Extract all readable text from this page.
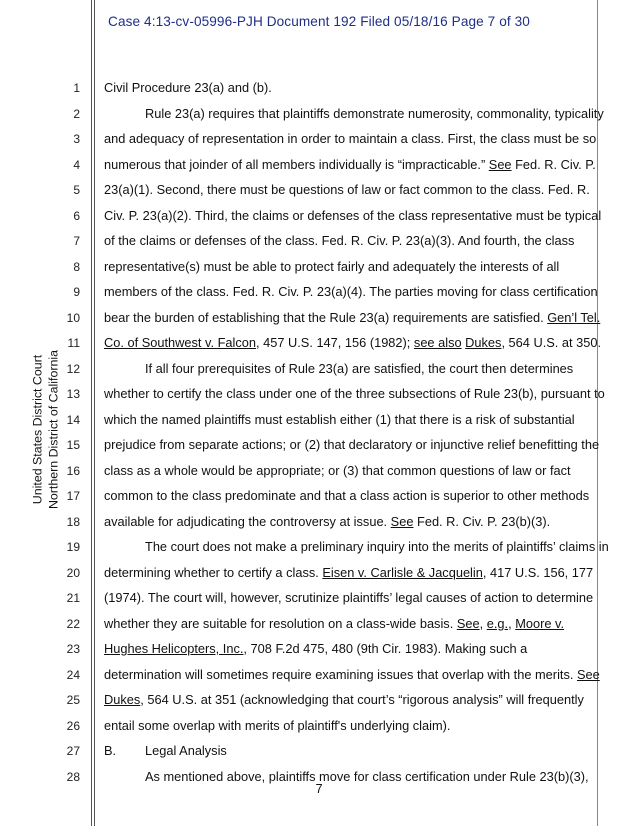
Case 4:13-cv-05996-PJH Document 192 Filed 05/18/16 Page 7 of 30
United States District Court Northern District of California
1
2
3
4
5
6
7
8
9
10
11
12
13
14
15
16
17
18
19
20
21
22
23
24
25
26
27
28
Civil Procedure 23(a) and (b).
Rule 23(a) requires that plaintiffs demonstrate numerosity, commonality, typicality
and adequacy of representation in order to maintain a class. First, the class must be so
numerous that joinder of all members individually is “impracticable.” See Fed. R. Civ. P.
23(a)(1). Second, there must be questions of law or fact common to the class. Fed. R.
Civ. P. 23(a)(2). Third, the claims or defenses of the class representative must be typical
of the claims or defenses of the class. Fed. R. Civ. P. 23(a)(3). And fourth, the class
representative(s) must be able to protect fairly and adequately the interests of all
members of the class. Fed. R. Civ. P. 23(a)(4). The parties moving for class certification
bear the burden of establishing that the Rule 23(a) requirements are satisfied. Gen’l Tel.
Co. of Southwest v. Falcon, 457 U.S. 147, 156 (1982); see also Dukes, 564 U.S. at 350.
If all four prerequisites of Rule 23(a) are satisfied, the court then determines
whether to certify the class under one of the three subsections of Rule 23(b), pursuant to
which the named plaintiffs must establish either (1) that there is a risk of substantial
prejudice from separate actions; or (2) that declaratory or injunctive relief benefitting the
class as a whole would be appropriate; or (3) that common questions of law or fact
common to the class predominate and that a class action is superior to other methods
available for adjudicating the controversy at issue. See Fed. R. Civ. P. 23(b)(3).
The court does not make a preliminary inquiry into the merits of plaintiffs’ claims in
determining whether to certify a class. Eisen v. Carlisle & Jacquelin, 417 U.S. 156, 177
(1974). The court will, however, scrutinize plaintiffs’ legal causes of action to determine
whether they are suitable for resolution on a class-wide basis. See, e.g., Moore v.
Hughes Helicopters, Inc., 708 F.2d 475, 480 (9th Cir. 1983). Making such a
determination will sometimes require examining issues that overlap with the merits. See
Dukes, 564 U.S. at 351 (acknowledging that court’s “rigorous analysis” will frequently
entail some overlap with merits of plaintiff's underlying claim).
B. Legal Analysis
As mentioned above, plaintiffs move for class certification under Rule 23(b)(3),
7
